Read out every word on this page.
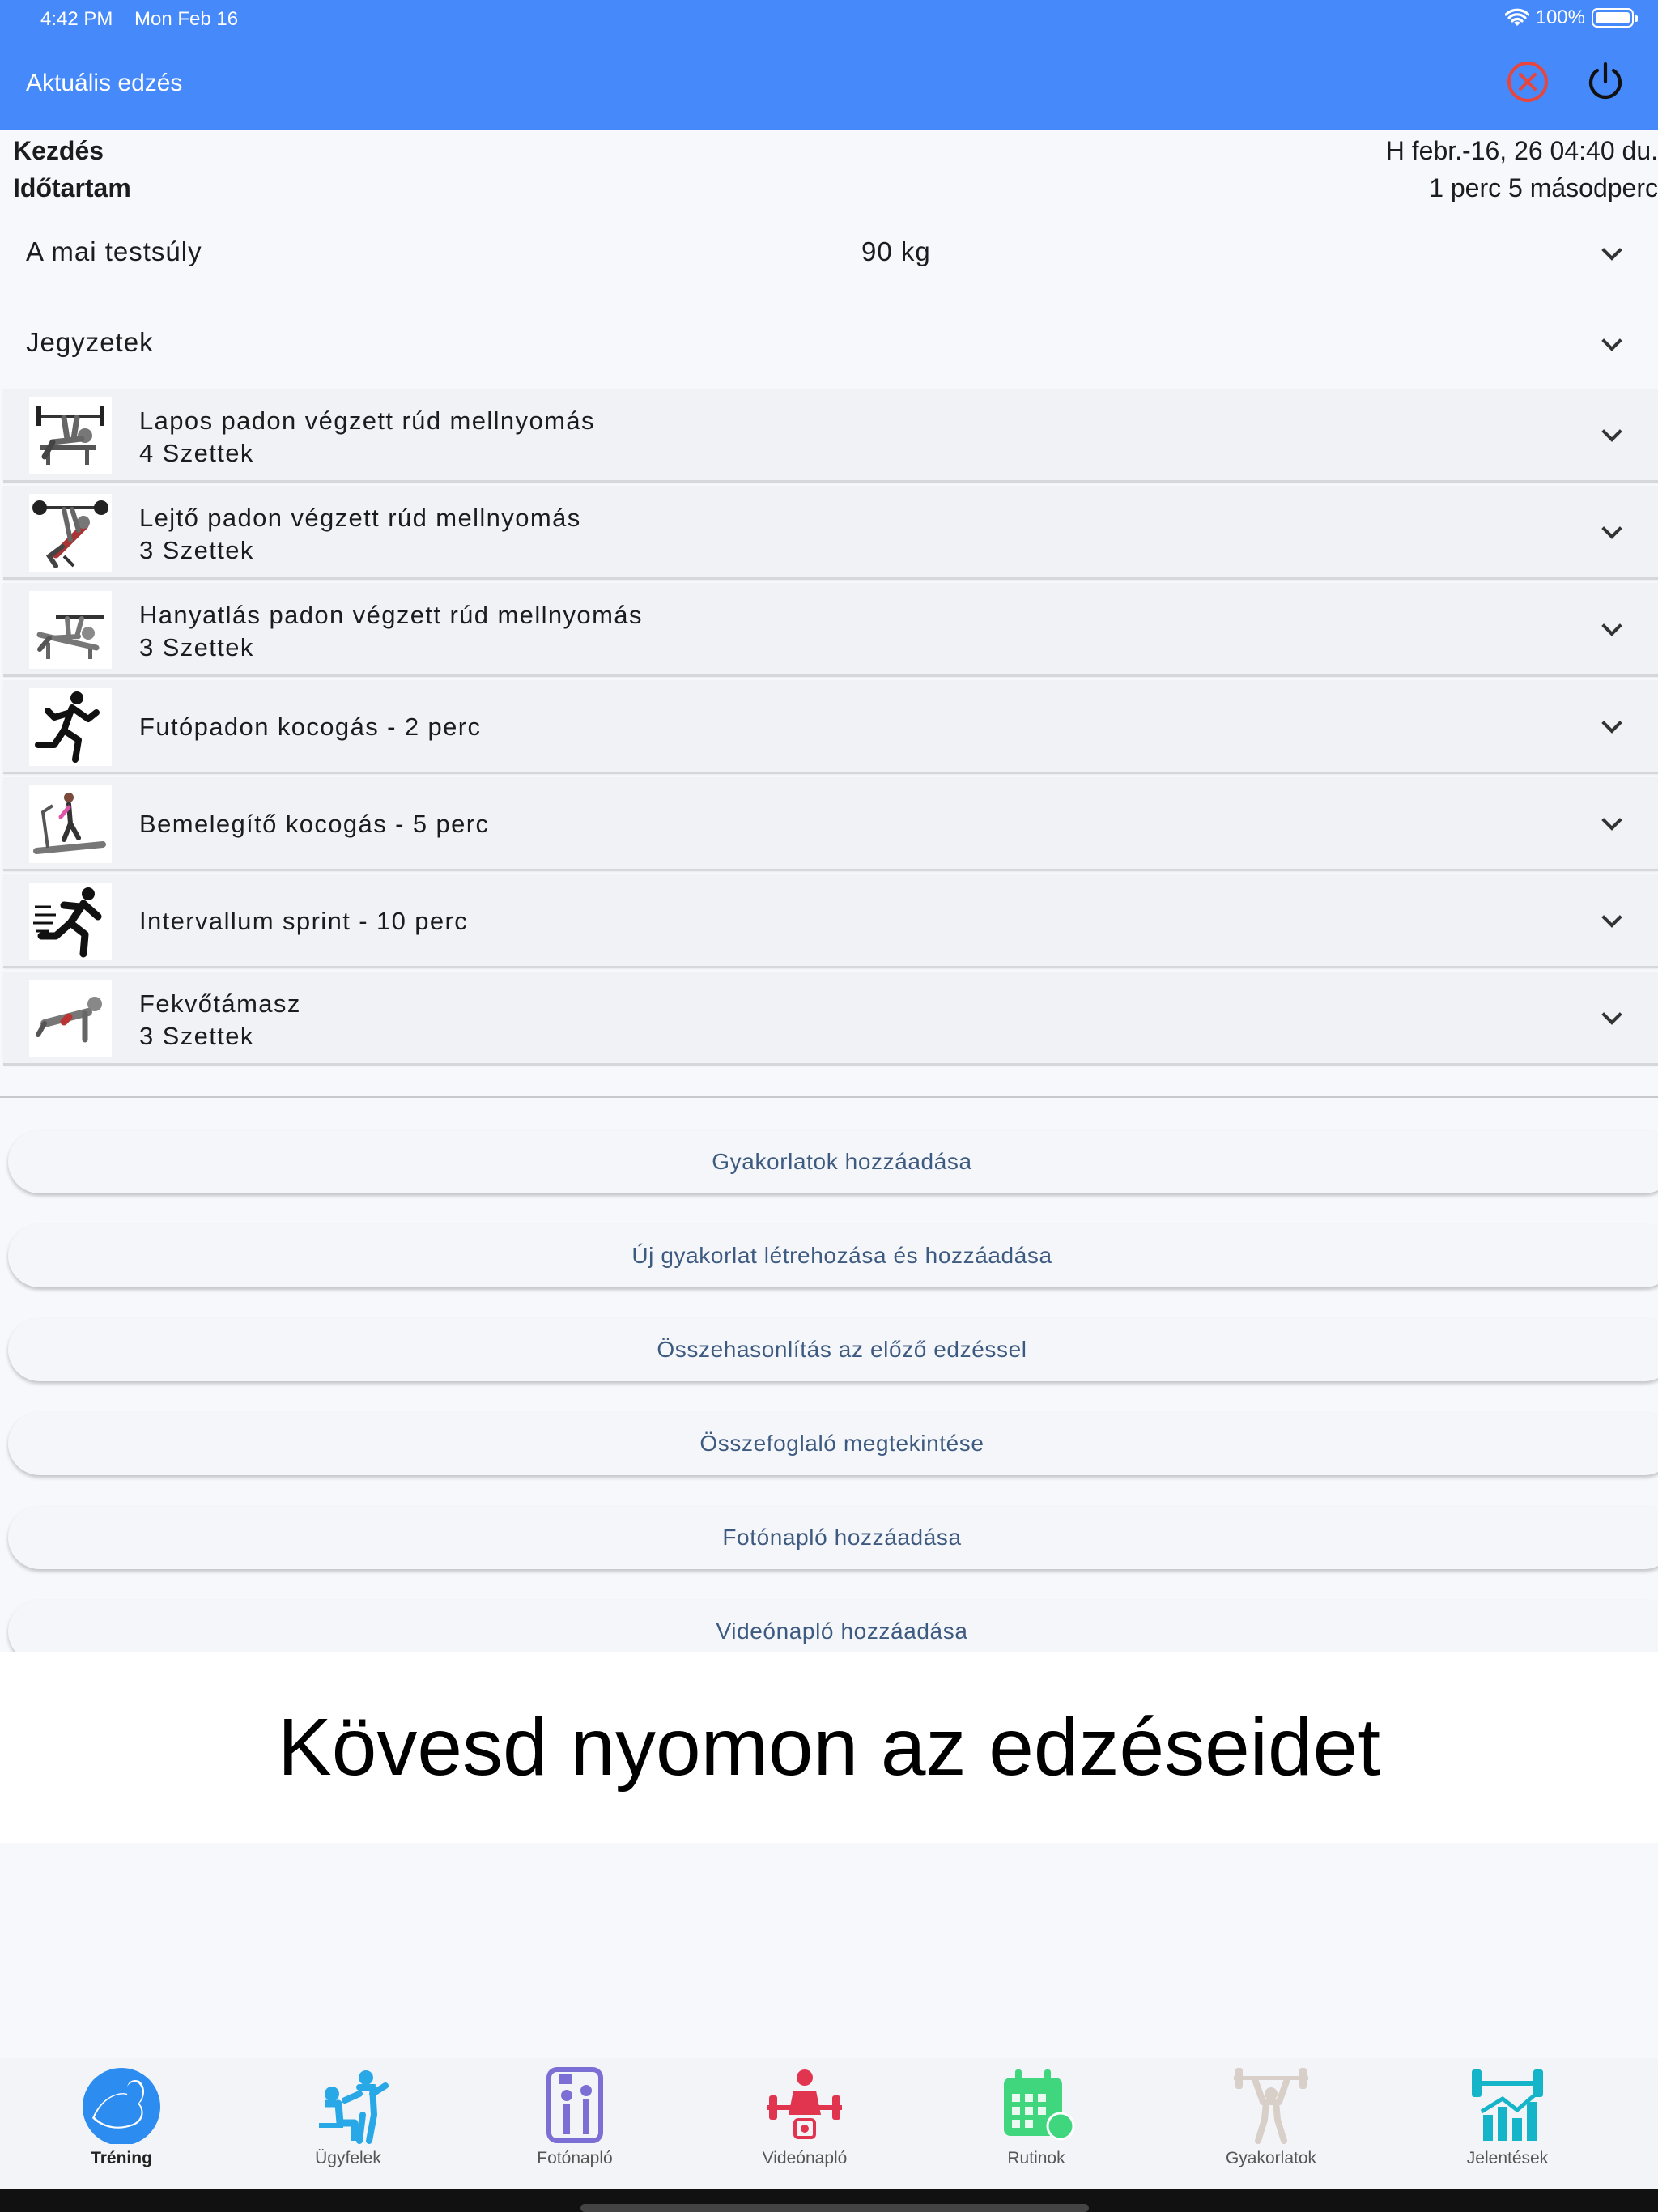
4:42 PM Mon Feb 16	100%
Aktuális edzés
Kezdés	H febr.-16, 26 04:40 du.
Időtartam	1 perc 5 másodperc
A mai testsúly	90 kg
Jegyzetek
Lapos padon végzett rúd mellnyomás
4 Szettek
Lejtő padon végzett rúd mellnyomás
3 Szettek
Hanyatlás padon végzett rúd mellnyomás
3 Szettek
Futópadon kocogás - 2 perc
Bemelegítő kocogás - 5 perc
Intervallum sprint - 10 perc
Fekvőtámasz
3 Szettek
Gyakorlatok hozzáadása
Új gyakorlat létrehozása és hozzáadása
Összehasonlítás az előző edzéssel
Összefoglaló megtekintése
Fotónapló hozzáadása
Videónapló hozzáadása
Kövesd nyomon az edzéseidet
Tréning	Ügyfelek	Fotónapló	Videónapló	Rutinok	Gyakorlatok	Jelentések
